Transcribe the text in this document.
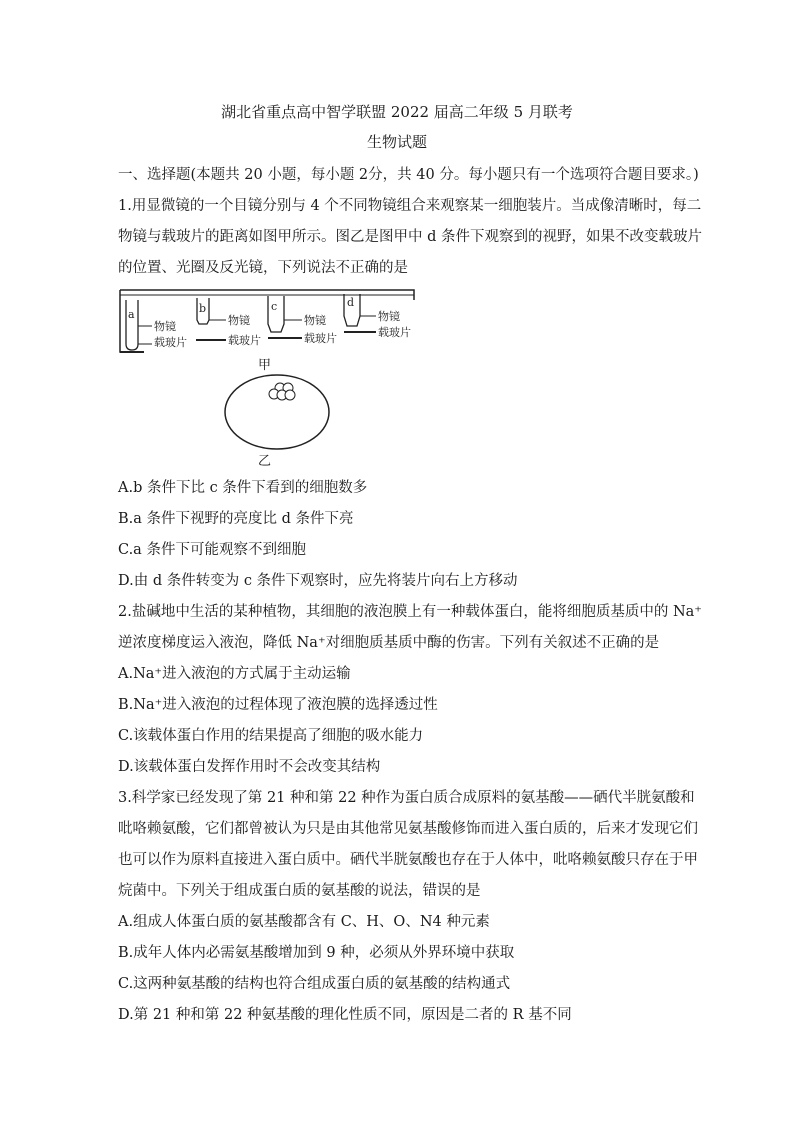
湖北省重点高中智学联盟 2022 届高二年级 5 月联考
生物试题
一、选择题(本题共 20 小题，每小题 2分，共 40 分。每小题只有一个选项符合题目要求。)
1.用显微镜的一个目镜分别与 4 个不同物镜组合来观察某一细胞装片。当成像清晰时，每二
物镜与载玻片的距离如图甲所示。图乙是图甲中 d 条件下观察到的视野，如果不改变载玻片
的位置、光圈及反光镜，下列说法不正确的是
a
物镜
载玻片
b
物镜
载玻片
c
物镜
载玻片
d
物镜
载玻片
甲
乙
A.b 条件下比 c 条件下看到的细胞数多
B.a 条件下视野的亮度比 d 条件下亮
C.a 条件下可能观察不到细胞
D.由 d 条件转变为 c 条件下观察时，应先将装片向右上方移动
2.盐碱地中生活的某种植物，其细胞的液泡膜上有一种载体蛋白，能将细胞质基质中的 Na⁺
逆浓度梯度运入液泡，降低 Na⁺对细胞质基质中酶的伤害。下列有关叙述不正确的是
A.Na⁺进入液泡的方式属于主动运输
B.Na⁺进入液泡的过程体现了液泡膜的选择透过性
C.该载体蛋白作用的结果提高了细胞的吸水能力
D.该载体蛋白发挥作用时不会改变其结构
3.科学家已经发现了第 21 种和第 22 种作为蛋白质合成原料的氨基酸——硒代半胱氨酸和
吡咯赖氨酸，它们都曾被认为只是由其他常见氨基酸修饰而进入蛋白质的，后来才发现它们
也可以作为原料直接进入蛋白质中。硒代半胱氨酸也存在于人体中，吡咯赖氨酸只存在于甲
烷菌中。下列关于组成蛋白质的氨基酸的说法，错误的是
A.组成人体蛋白质的氨基酸都含有 C、H、O、N4 种元素
B.成年人体内必需氨基酸增加到 9 种，必须从外界环境中获取
C.这两种氨基酸的结构也符合组成蛋白质的氨基酸的结构通式
D.第 21 种和第 22 种氨基酸的理化性质不同，原因是二者的 R 基不同
